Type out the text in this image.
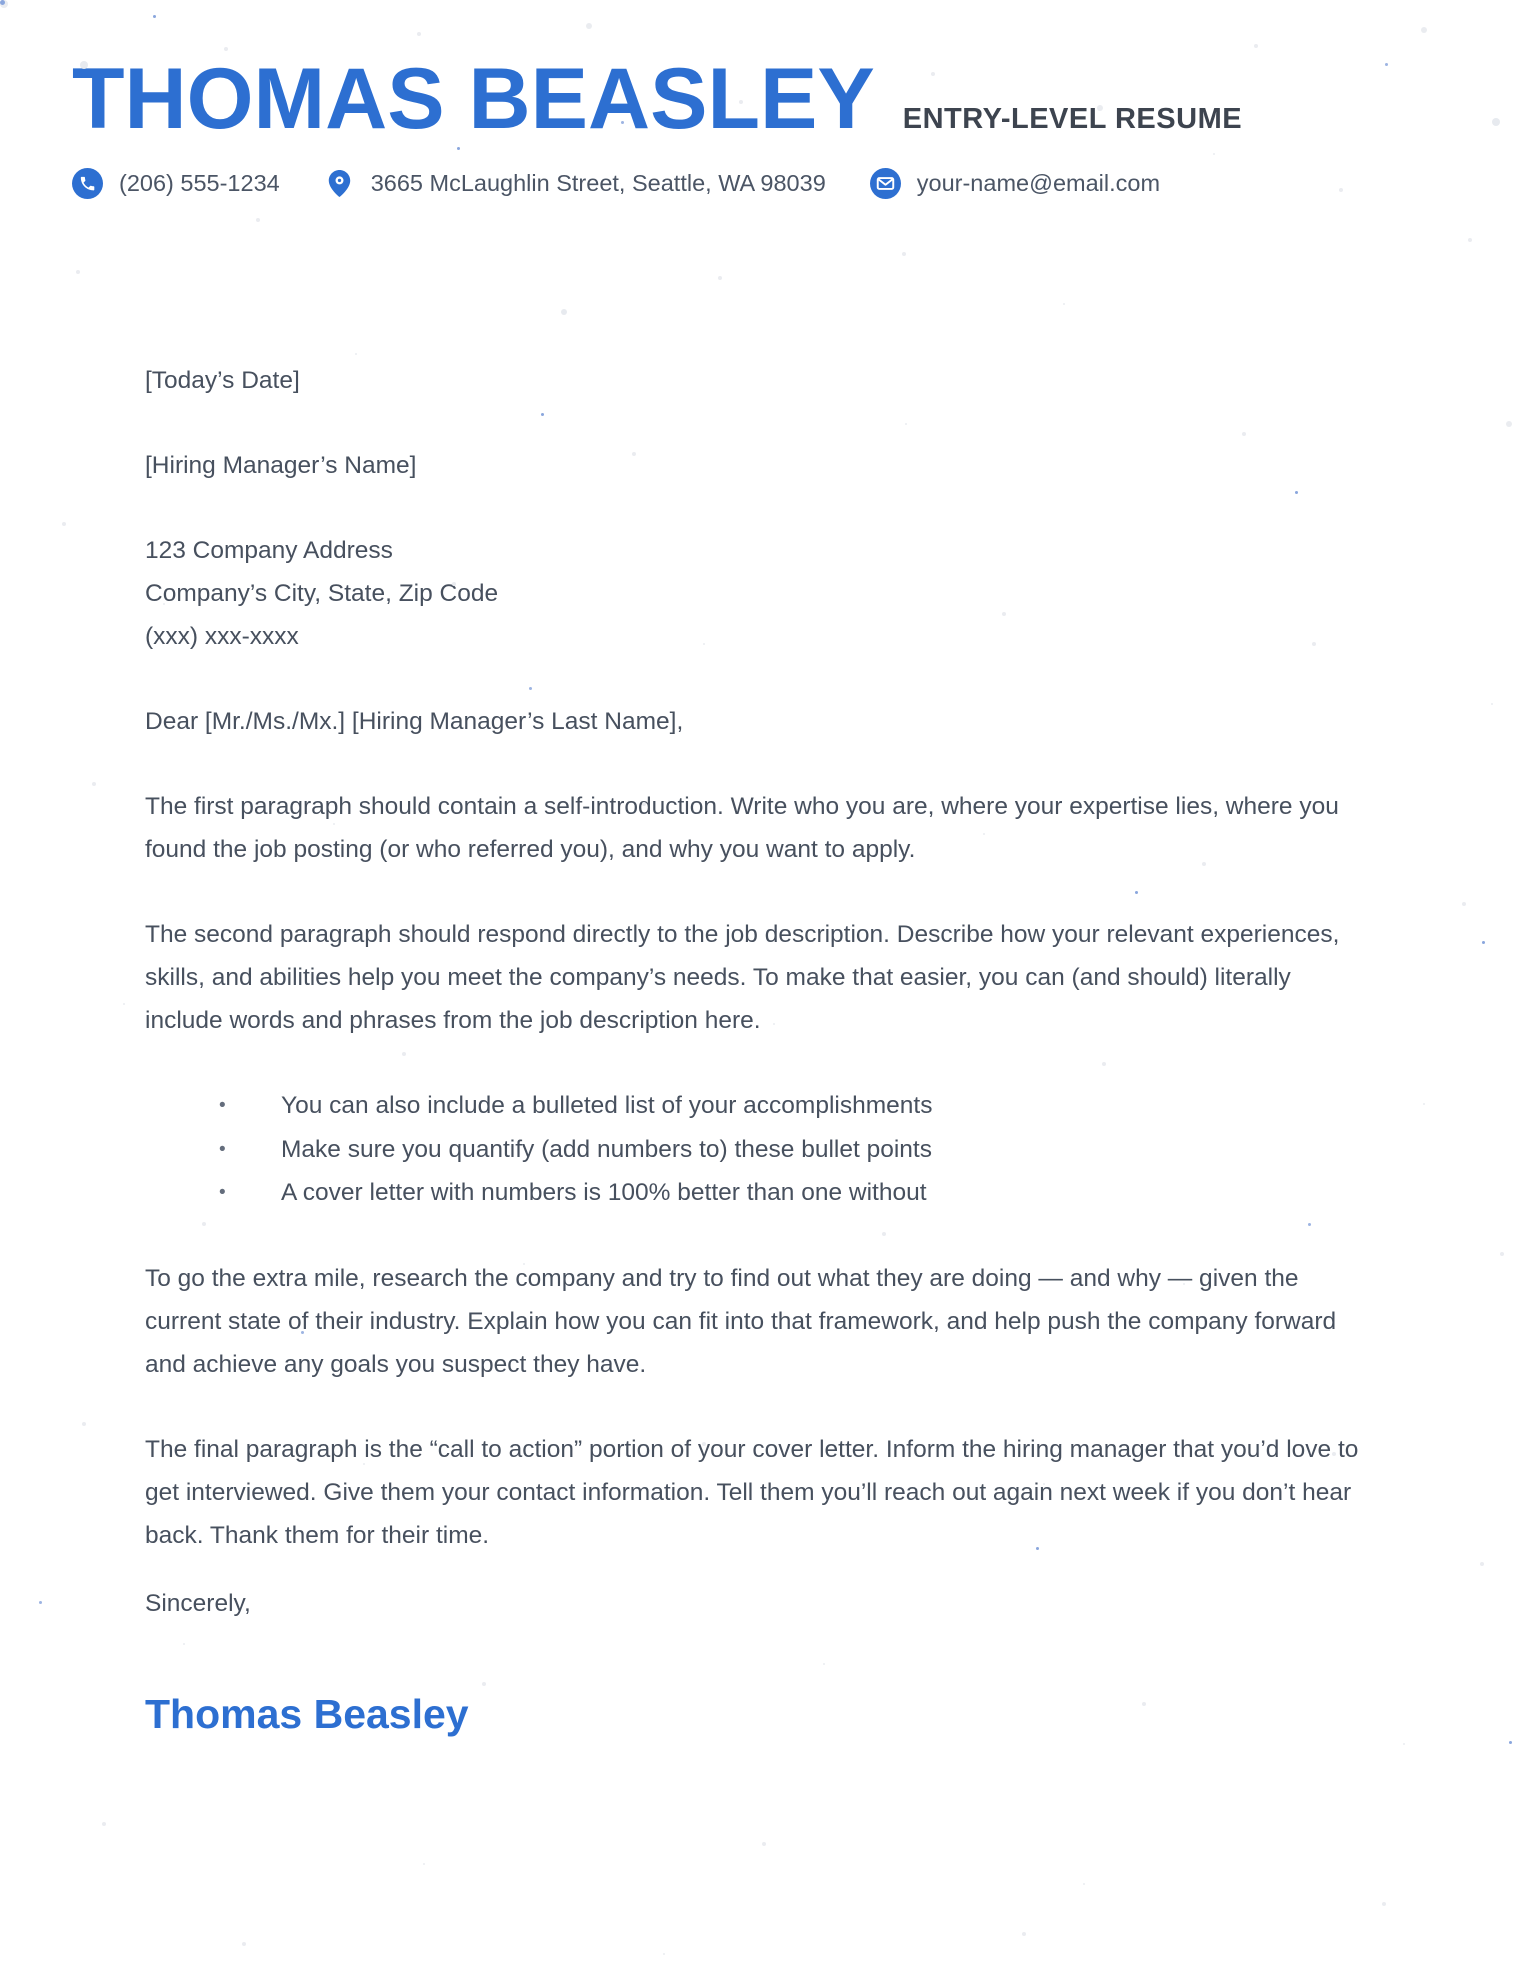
THOMAS BEASLEY ENTRY-LEVEL RESUME
(206) 555-1234	3665 McLaughlin Street, Seattle, WA 98039	your-name@email.com
[Today’s Date]
[Hiring Manager’s Name]
123 Company Address
Company’s City, State, Zip Code
(xxx) xxx-xxxx
Dear [Mr./Ms./Mx.] [Hiring Manager’s Last Name],
The first paragraph should contain a self-introduction. Write who you are, where your expertise lies, where you found the job posting (or who referred you), and why you want to apply.
The second paragraph should respond directly to the job description. Describe how your relevant experiences, skills, and abilities help you meet the company’s needs. To make that easier, you can (and should) literally include words and phrases from the job description here.
• You can also include a bulleted list of your accomplishments
• Make sure you quantify (add numbers to) these bullet points
• A cover letter with numbers is 100% better than one without
To go the extra mile, research the company and try to find out what they are doing — and why — given the current state of their industry. Explain how you can fit into that framework, and help push the company forward and achieve any goals you suspect they have.
The final paragraph is the “call to action” portion of your cover letter. Inform the hiring manager that you’d love to get interviewed. Give them your contact information. Tell them you’ll reach out again next week if you don’t hear back. Thank them for their time.
Sincerely,
Thomas Beasley
